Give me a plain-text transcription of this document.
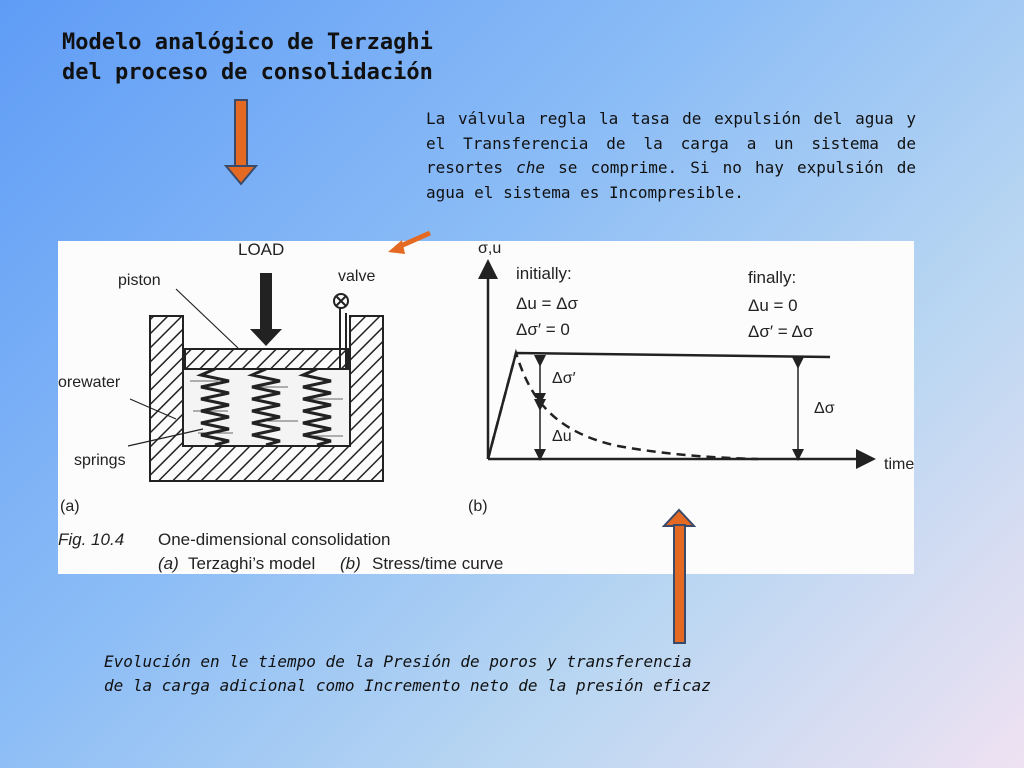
Modelo analógico de Terzaghi
del proceso de consolidación
La válvula regla la tasa de expulsión del agua y el Transferencia de la carga a un sistema de resortes che se comprime. Si no hay expulsión de agua el sistema es Incompresible.
LOAD
piston	valve
orewater
springs
(a)
σ,u
time
initially:
Δu = Δσ
Δσ′ = 0
finally:
Δu = 0
Δσ′ = Δσ
Δσ′
Δu
Δσ
(b)
Fig. 10.4 One-dimensional consolidation
(a) Terzaghi’s model (b) Stress/time curve
Evolución en le tiempo de la Presión de poros y transferencia
de la carga adicional como Incremento neto de la presión eficaz
